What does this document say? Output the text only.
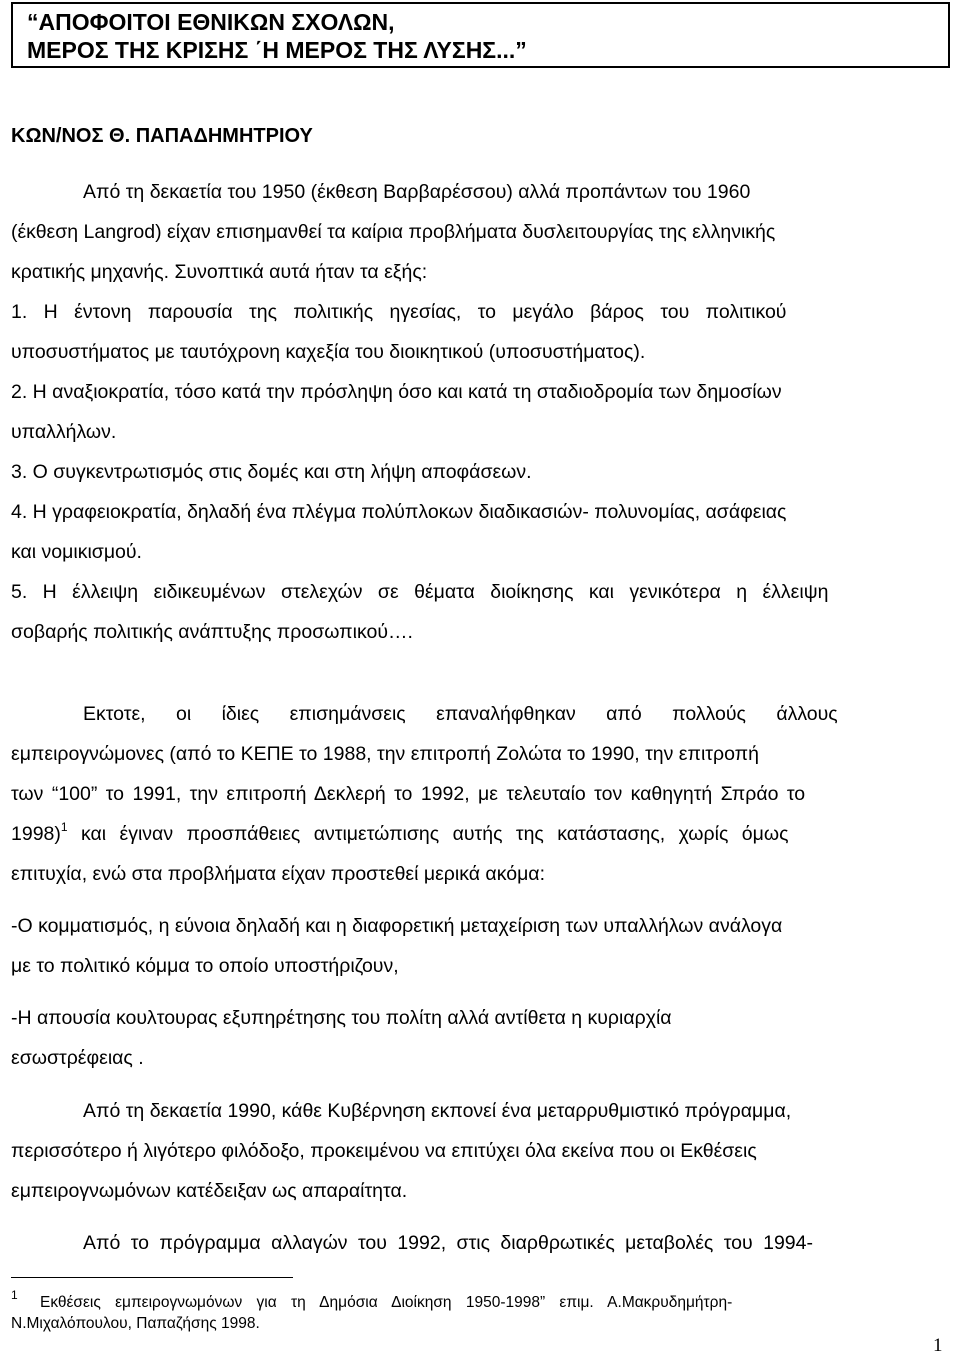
“ΑΠΟΦΟΙΤΟΙ ΕΘΝΙΚΩΝ ΣΧΟΛΩΝ,
ΜΕΡΟΣ ΤΗΣ ΚΡΙΣΗΣ ΄Η ΜΕΡΟΣ ΤΗΣ ΛΥΣΗΣ...”
ΚΩΝ/ΝΟΣ Θ. ΠΑΠΑΔΗΜΗΤΡΙΟΥ
Από τη δεκαετία του 1950 (έκθεση Βαρβαρέσσου) αλλά προπάντων του 1960
(έκθεση Langrod) είχαν επισημανθεί τα καίρια προβλήματα δυσλειτουργίας της ελληνικής
κρατικής μηχανής. Συνοπτικά αυτά ήταν τα εξής:
1. Η έντονη παρουσία της πολιτικής ηγεσίας, το μεγάλο βάρος του πολιτικού
υποσυστήματος με ταυτόχρονη καχεξία του διοικητικού (υποσυστήματος).
2. Η αναξιοκρατία, τόσο κατά την πρόσληψη όσο και κατά τη σταδιοδρομία των δημοσίων
υπαλλήλων.
3. Ο συγκεντρωτισμός στις δομές και στη λήψη αποφάσεων.
4. Η γραφειοκρατία, δηλαδή ένα πλέγμα πολύπλοκων διαδικασιών- πολυνομίας, ασάφειας
και νομικισμού.
5. Η έλλειψη ειδικευμένων στελεχών σε θέματα διοίκησης και γενικότερα η έλλειψη
σοβαρής πολιτικής ανάπτυξης προσωπικού….
Εκτοτε, οι ίδιες επισημάνσεις επαναλήφθηκαν από πολλούς άλλους
εμπειρογνώμονες (από το ΚΕΠΕ το 1988, την επιτροπή Ζολώτα το 1990, την επιτροπή
των “100” το 1991, την επιτροπή Δεκλερή το 1992, με τελευταίο τον καθηγητή Σπράο το
1998)$^1$ και έγιναν προσπάθειες αντιμετώπισης αυτής της κατάστασης, χωρίς όμως
επιτυχία, ενώ στα προβλήματα είχαν προστεθεί μερικά ακόμα:
-Ο κομματισμός, η εύνοια δηλαδή και η διαφορετική μεταχείριση των υπαλλήλων ανάλογα
με το πολιτικό κόμμα το οποίο υποστήριζουν,
-Η απουσία κουλτουρας εξυπηρέτησης του πολίτη αλλά αντίθετα η κυριαρχία
εσωστρέφειας .
Από τη δεκαετία 1990, κάθε Κυβέρνηση εκπονεί ένα μεταρρυθμιστικό πρόγραμμα,
περισσότερο ή λιγότερο φιλόδοξο, προκειμένου να επιτύχει όλα εκείνα που οι Εκθέσεις
εμπειρογνωμόνων κατέδειξαν ως απαραίτητα.
Από το πρόγραμμα αλλαγών του 1992, στις διαρθρωτικές μεταβολές του 1994-
1 Εκθέσεις εμπειρογνωμόνων για τη Δημόσια Διοίκηση 1950-1998” επιμ. Α.Μακρυδημήτρη-
Ν.Μιχαλόπουλου, Παπαζήσης 1998.
1
